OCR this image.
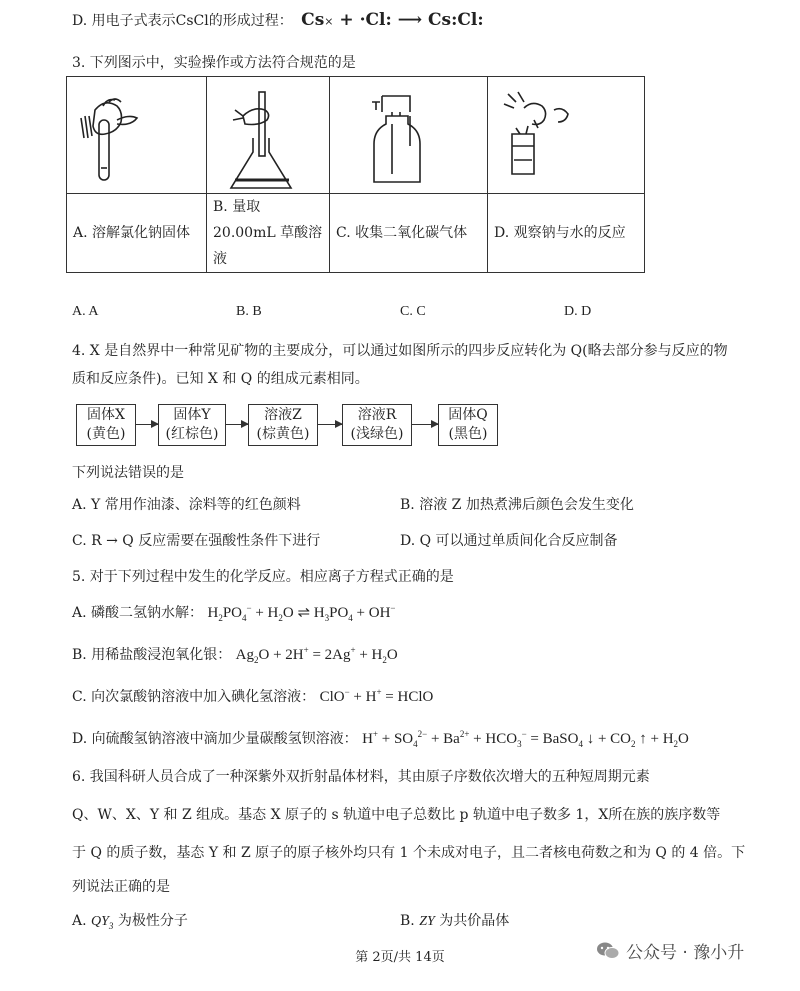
D. 用电子式表示CsCl的形成过程： Cs× + ·Cl: ⟶ Cs:Cl:
3. 下列图示中，实验操作或方法符合规范的是

A. 溶解氯化钠固体	B. 量取 20.00mL 草酸溶液	C. 收集二氧化碳气体	D. 观察钠与水的反应
A. A	B. B	C. C	D. D
4. X 是自然界中一种常见矿物的主要成分，可以通过如图所示的四步反应转化为 Q(略去部分参与反应的物
质和反应条件)。已知 X 和 Q 的组成元素相同。
固体X
(黄色)
固体Y
(红棕色)
溶液Z
(棕黄色)
溶液R
(浅绿色)
固体Q
(黑色)
下列说法错误的是
A. Y 常用作油漆、涂料等的红色颜料	B. 溶液 Z 加热煮沸后颜色会发生变化
C. R → Q 反应需要在强酸性条件下进行	D. Q 可以通过单质间化合反应制备
5. 对于下列过程中发生的化学反应。相应离子方程式正确的是
A. 磷酸二氢钠水解： $H_2PO_4^- + H_2O$ ⇌ $H_3PO_4 + OH^-$
B. 用稀盐酸浸泡氧化银： $Ag_2O + 2H^+ = 2Ag^+ + H_2O$
C. 向次氯酸钠溶液中加入碘化氢溶液： ClO− + H+ = HClO
D. 向硫酸氢钠溶液中滴加少量碳酸氢钡溶液： $H^+ + SO_4^{2-} + Ba^{2+} + HCO_3^-$ = BaSO$_4$ ↓ + $CO_2$ ↑ + $H_2O$
6. 我国科研人员合成了一种深紫外双折射晶体材料，其由原子序数依次增大的五种短周期元素
Q、W、X、Y 和 Z 组成。基态 X 原子的 s 轨道中电子总数比 p 轨道中电子数多 1，X所在族的族序数等
于 Q 的质子数，基态 Y 和 Z 原子的原子核外均只有 1 个未成对电子，且二者核电荷数之和为 Q 的 4 倍。下
列说法正确的是
A. $QY_3$ 为极性分子	B. ZY 为共价晶体
第 2页/共 14页	公众号 · 豫小升
